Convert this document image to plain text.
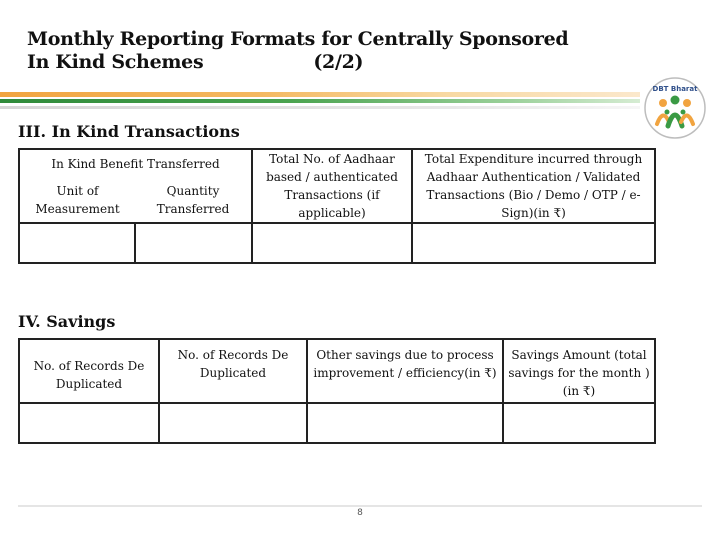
Monthly Reporting Formats for Centrally Sponsored
In Kind Schemes	(2/2)
DBT Bharat
III. In Kind Transactions
In Kind Benefit Transferred		Total No. of Aadhaar based / authenticated Transactions (if applicable)	Total Expenditure incurred through Aadhaar Authentication / Validated Transactions (Bio / Demo / OTP / e-Sign)(in ₹)
Unit of Measurement	Quantity Transferred		

IV. Savings
No. of Records De Duplicated	No. of Records De Duplicated	Other savings due to process improvement / efficiency(in ₹)	Savings Amount (total savings for the month ) (in ₹)

8
